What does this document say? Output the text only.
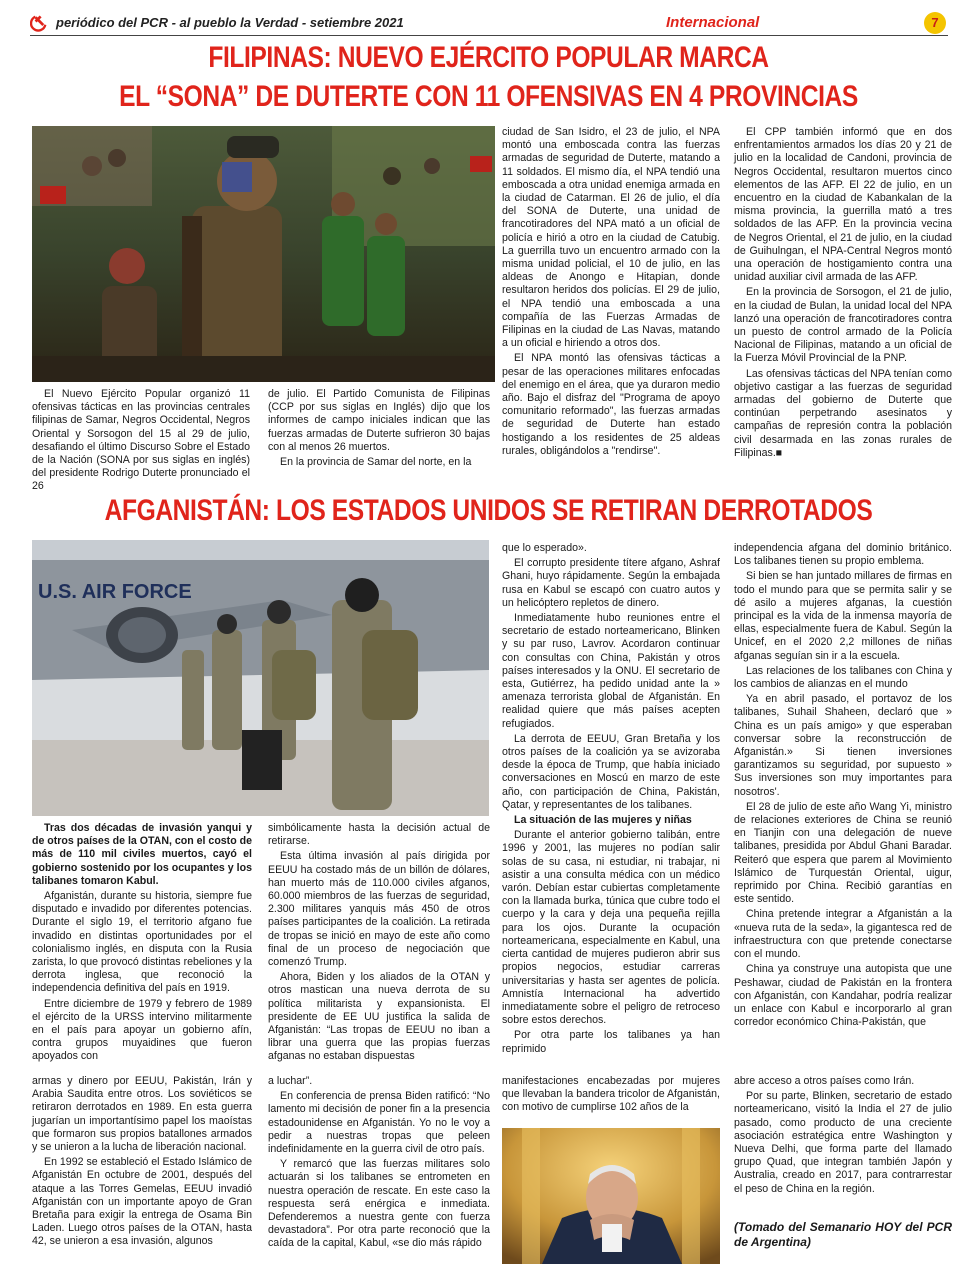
periódico del PCR - al pueblo la Verdad - setiembre 2021	Internacional	7
FILIPINAS: NUEVO EJÉRCITO POPULAR MARCA
EL “SONA” DE DUTERTE CON 11 OFENSIVAS EN 4 PROVINCIAS

El Nuevo Ejército Popular organizó 11 ofensivas tácticas en las provincias centrales filipinas de Samar, Negros Occidental, Negros Oriental y Sorsogon del 15 al 29 de julio, desafiando el último Discurso Sobre el Estado de la Nación (SONA por sus siglas en inglés) del presidente Rodrigo Duterte pronunciado el 26

de julio. El Partido Comunista de Filipinas (CCP por sus siglas en Inglés) dijo que los informes de campo iniciales indican que las fuerzas armadas de Duterte sufrieron 30 bajas con al menos 26 muertos.

En la provincia de Samar del norte, en la

ciudad de San Isidro, el 23 de julio, el NPA montó una emboscada contra las fuerzas armadas de seguridad de Duterte, matando a 11 soldados. El mismo día, el NPA tendió una emboscada a otra unidad enemiga armada en la ciudad de Catarman. El 26 de julio, el día del SONA de Duterte, una unidad de francotiradores del NPA mató a un oficial de policía e hirió a otro en la ciudad de Catubig. La guerrilla tuvo un encuentro armado con la misma unidad policial, el 10 de julio, en las aldeas de Anongo e Hitapian, donde resultaron heridos dos policías. El 29 de julio, el NPA tendió una emboscada a una compañía de las Fuerzas Armadas de Filipinas en la ciudad de Las Navas, matando a un oficial e hiriendo a otros dos.

El NPA montó las ofensivas tácticas a pesar de las operaciones militares enfocadas del enemigo en el área, que ya duraron medio año. Bajo el disfraz del "Programa de apoyo comunitario reformado", las fuerzas armadas de seguridad de Duterte han estado hostigando a los residentes de 25 aldeas rurales, obligándolos a "rendirse".

El CPP también informó que en dos enfrentamientos armados los días 20 y 21 de julio en la localidad de Candoni, provincia de Negros Occidental, resultaron muertos cinco elementos de las AFP. El 22 de julio, en un encuentro en la ciudad de Kabankalan de la misma provincia, la guerrilla mató a tres soldados de las AFP. En la provincia vecina de Negros Oriental, el 21 de julio, en la ciudad de Guihulngan, el NPA-Central Negros montó una operación de hostigamiento contra una unidad auxiliar civil armada de las AFP.

En la provincia de Sorsogon, el 21 de julio, en la ciudad de Bulan, la unidad local del NPA lanzó una operación de francotiradores contra un puesto de control armado de la Policía Nacional de Filipinas, matando a un oficial de la Fuerza Móvil Provincial de la PNP.

Las ofensivas tácticas del NPA tenían como objetivo castigar a las fuerzas de seguridad armadas del gobierno de Duterte que continúan perpetrando asesinatos y campañas de represión contra la población civil desarmada en las zonas rurales de Filipinas.■

AFGANISTÁN: LOS ESTADOS UNIDOS SE RETIRAN DERROTADOS
U.S. AIR FORCE

Tras dos décadas de invasión yanqui y de otros países de la OTAN, con el costo de más de 110 mil civiles muertos, cayó el gobierno sostenido por los ocupantes y los talibanes tomaron Kabul.

Afganistán, durante su historia, siempre fue disputado e invadido por diferentes potencias. Durante el siglo 19, el territorio afgano fue invadido en distintas oportunidades por el colonialismo inglés, en disputa con la Rusia zarista, lo que provocó distintas rebeliones y la derrota inglesa, que reconoció la independencia definitiva del país en 1919.

Entre diciembre de 1979 y febrero de 1989 el ejército de la URSS intervino militarmente en el país para apoyar un gobierno afín, contra grupos muyaidines que fueron apoyados con

simbólicamente hasta la decisión actual de retirarse.

Esta última invasión al país dirigida por EEUU ha costado más de un billón de dólares, han muerto más de 110.000 civiles afganos, 60.000 miembros de las fuerzas de seguridad, 2.300 militares yanquis más 450 de otros países participantes de la coalición. La retirada de tropas se inició en mayo de este año como final de un proceso de negociación que comenzó Trump.

Ahora, Biden y los aliados de la OTAN y otros mastican una nueva derrota de su política militarista y expansionista. El presidente de EE UU justifica la salida de Afganistán: “Las tropas de EEUU no iban a librar una guerra que las propias fuerzas afganas no estaban dispuestas

que lo esperado».

El corrupto presidente títere afgano, Ashraf Ghani, huyo rápidamente. Según la embajada rusa en Kabul se escapó con cuatro autos y un helicóptero repletos de dinero.

Inmediatamente hubo reuniones entre el secretario de estado norteamericano, Blinken y su par ruso, Lavrov. Acordaron continuar con consultas con China, Pakistán y otros países interesados y la ONU. El secretario de esta, Gutiérrez, ha pedido unidad ante la » amenaza terrorista global de Afganistán. En realidad quiere que más países acepten refugiados.

La derrota de EEUU, Gran Bretaña y los otros países de la coalición ya se avizoraba desde la época de Trump, que había iniciado conversaciones en Moscú en marzo de este año, con participación de China, Pakistán, Qatar, y representantes de los talibanes.

La situación de las mujeres y niñas

Durante el anterior gobierno talibán, entre 1996 y 2001, las mujeres no podían salir solas de su casa, ni estudiar, ni trabajar, ni asistir a una consulta médica con un médico varón. Debían estar cubiertas completamente con la llamada burka, túnica que cubre todo el cuerpo y la cara y deja una pequeña rejilla para los ojos. Durante la ocupación norteamericana, especialmente en Kabul, una cierta cantidad de mujeres pudieron abrir sus propios negocios, estudiar carreras universitarias y hasta ser agentes de policía. Amnistía Internacional ha advertido inmediatamente sobre el peligro de retroceso sobre estos derechos.

Por otra parte los talibanes ya han reprimido

independencia afgana del dominio británico. Los talibanes tienen su propio emblema.

Si bien se han juntado millares de firmas en todo el mundo para que se permita salir y se dé asilo a mujeres afganas, la cuestión principal es la vida de la inmensa mayoría de ellas, especialmente fuera de Kabul. Según la Unicef, en el 2020 2,2 millones de niñas afganas seguían sin ir a la escuela.

Las relaciones de los talibanes con China y los cambios de alianzas en el mundo

Ya en abril pasado, el portavoz de los talibanes, Suhail Shaheen, declaró que » China es un país amigo» y que esperaban conversar sobre la reconstrucción de Afganistán.» Si tienen inversiones garantizamos su seguridad, por supuesto » Sus inversiones son muy importantes para nosotros'.

El 28 de julio de este año Wang Yi, ministro de relaciones exteriores de China se reunió en Tianjin con una delegación de nueve talibanes, presidida por Abdul Ghani Baradar. Reiteró que espera que parem al Movimiento Islámico de Turquestán Oriental, uigur, reprimido por China. Recibió garantías en este sentido.

China pretende integrar a Afganistán a la «nueva ruta de la seda», la gigantesca red de infraestructura con que pretende conectarse con el mundo.

China ya construye una autopista que une Peshawar, ciudad de Pakistán en la frontera con Afganistán, con Kandahar, podría realizar un enlace con Kabul e incorporarlo al gran corredor económico China-Pakistán, que

armas y dinero por EEUU, Pakistán, Irán y Arabia Saudita entre otros. Los soviéticos se retiraron derrotados en 1989. En esta guerra jugarían un importantísimo papel los maoístas que formaron sus propios batallones armados y se unieron a la lucha de liberación nacional.

En 1992 se estableció el Estado Islámico de Afganistán En octubre de 2001, después del ataque a las Torres Gemelas, EEUU invadió Afganistán con un importante apoyo de Gran Bretaña para exigir la entrega de Osama Bin Laden. Luego otros países de la OTAN, hasta 42, se unieron a esa invasión, algunos

a luchar”.

En conferencia de prensa Biden ratificó: “No lamento mi decisión de poner fin a la presencia estadounidense en Afganistán. Yo no le voy a pedir a nuestras tropas que peleen indefinidamente en la guerra civil de otro país.

Y remarcó que las fuerzas militares solo actuarán si los talibanes se entrometen en nuestra operación de rescate. En este caso la respuesta será enérgica e inmediata. Defenderemos a nuestra gente con fuerza devastadora”. Por otra parte reconoció que la caída de la capital, Kabul, «se dio más rápido

manifestaciones encabezadas por mujeres que llevaban la bandera tricolor de Afganistán, con motivo de cumplirse 102 años de la

abre acceso a otros países como Irán.

Por su parte, Blinken, secretario de estado norteamericano, visitó la India el 27 de julio pasado, como producto de una creciente asociación estratégica entre Washington y Nueva Delhi, que forma parte del llamado grupo Quad, que integran también Japón y Australia, creado en 2017, para contrarrestar el peso de China en la región.

(Tomado del Semanario HOY del PCR de Argentina)
